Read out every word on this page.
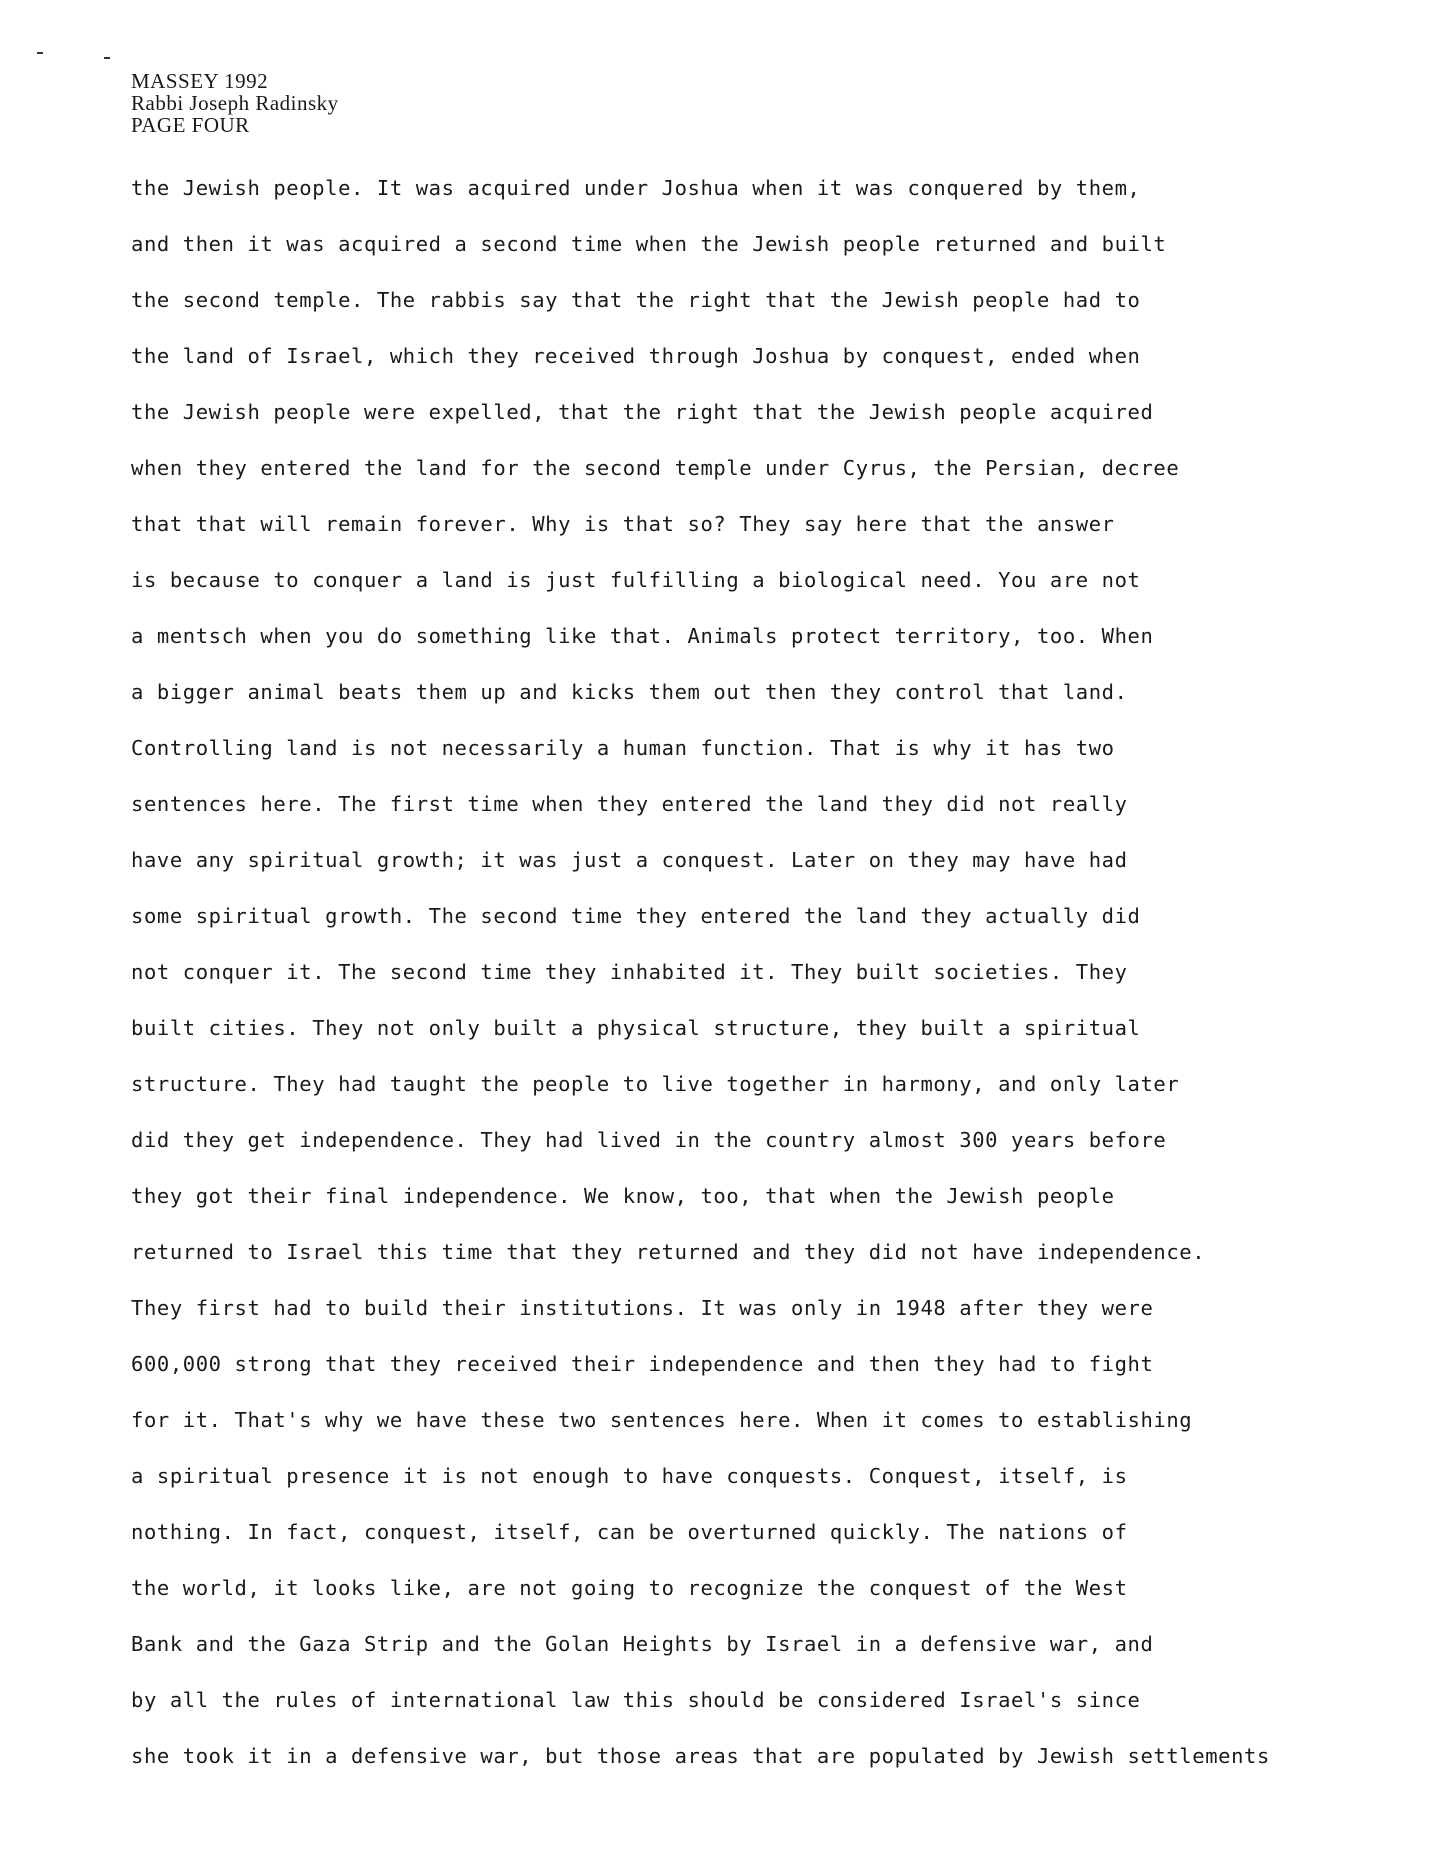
MASSEY 1992
Rabbi Joseph Radinsky
PAGE FOUR
the Jewish people. It was acquired under Joshua when it was conquered by them,
and then it was acquired a second time when the Jewish people returned and built
the second temple. The rabbis say that the right that the Jewish people had to
the land of Israel, which they received through Joshua by conquest, ended when
the Jewish people were expelled, that the right that the Jewish people acquired
when they entered the land for the second temple under Cyrus, the Persian, decree
that that will remain forever. Why is that so? They say here that the answer
is because to conquer a land is just fulfilling a biological need. You are not
a mentsch when you do something like that. Animals protect territory, too. When
a bigger animal beats them up and kicks them out then they control that land.
Controlling land is not necessarily a human function. That is why it has two
sentences here. The first time when they entered the land they did not really
have any spiritual growth; it was just a conquest. Later on they may have had
some spiritual growth. The second time they entered the land they actually did
not conquer it. The second time they inhabited it. They built societies. They
built cities. They not only built a physical structure, they built a spiritual
structure. They had taught the people to live together in harmony, and only later
did they get independence. They had lived in the country almost 300 years before
they got their final independence. We know, too, that when the Jewish people
returned to Israel this time that they returned and they did not have independence.
They first had to build their institutions. It was only in 1948 after they were
600,000 strong that they received their independence and then they had to fight
for it. That's why we have these two sentences here. When it comes to establishing
a spiritual presence it is not enough to have conquests. Conquest, itself, is
nothing. In fact, conquest, itself, can be overturned quickly. The nations of
the world, it looks like, are not going to recognize the conquest of the West
Bank and the Gaza Strip and the Golan Heights by Israel in a defensive war, and
by all the rules of international law this should be considered Israel's since
she took it in a defensive war, but those areas that are populated by Jewish settlements
